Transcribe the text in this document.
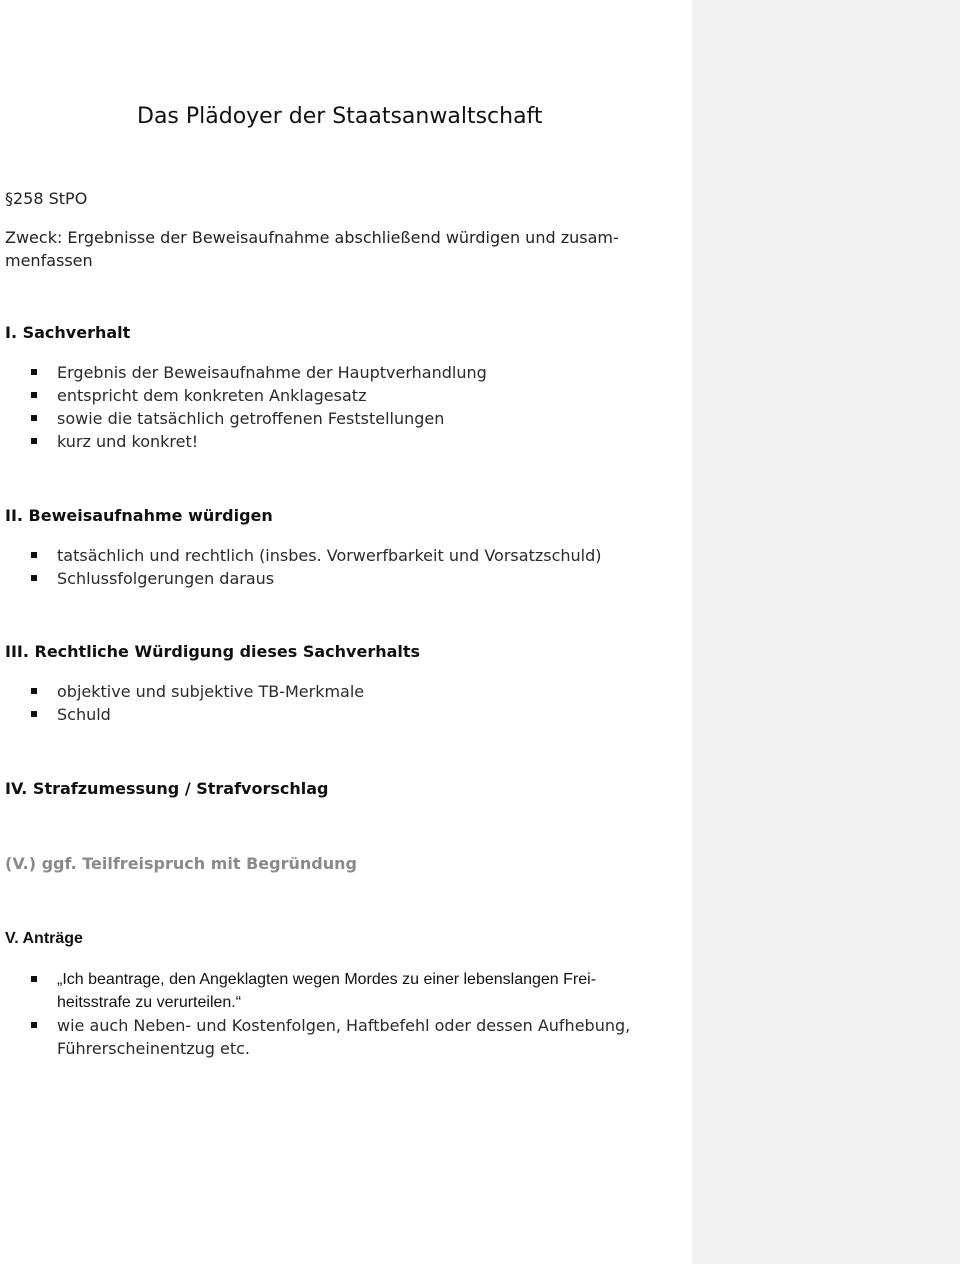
Das Plädoyer der Staatsanwaltschaft

§258 StPO

Zweck: Ergebnisse der Beweisaufnahme abschließend würdigen und zusam-menfassen

I. Sachverhalt
Ergebnis der Beweisaufnahme der Hauptverhandlung
entspricht dem konkreten Anklagesatz
sowie die tatsächlich getroffenen Feststellungen
kurz und konkret!
II. Beweisaufnahme würdigen
tatsächlich und rechtlich (insbes. Vorwerfbarkeit und Vorsatzschuld)
Schlussfolgerungen daraus
III. Rechtliche Würdigung dieses Sachverhalts
objektive und subjektive TB-Merkmale
Schuld
IV. Strafzumessung / Strafvorschlag
(V.) ggf. Teilfreispruch mit Begründung
V. Anträge
„Ich beantrage, den Angeklagten wegen Mordes zu einer lebenslangen Frei-heitsstrafe zu verurteilen.“
wie auch Neben- und Kostenfolgen, Haftbefehl oder dessen Aufhebung, Führerscheinentzug etc.
